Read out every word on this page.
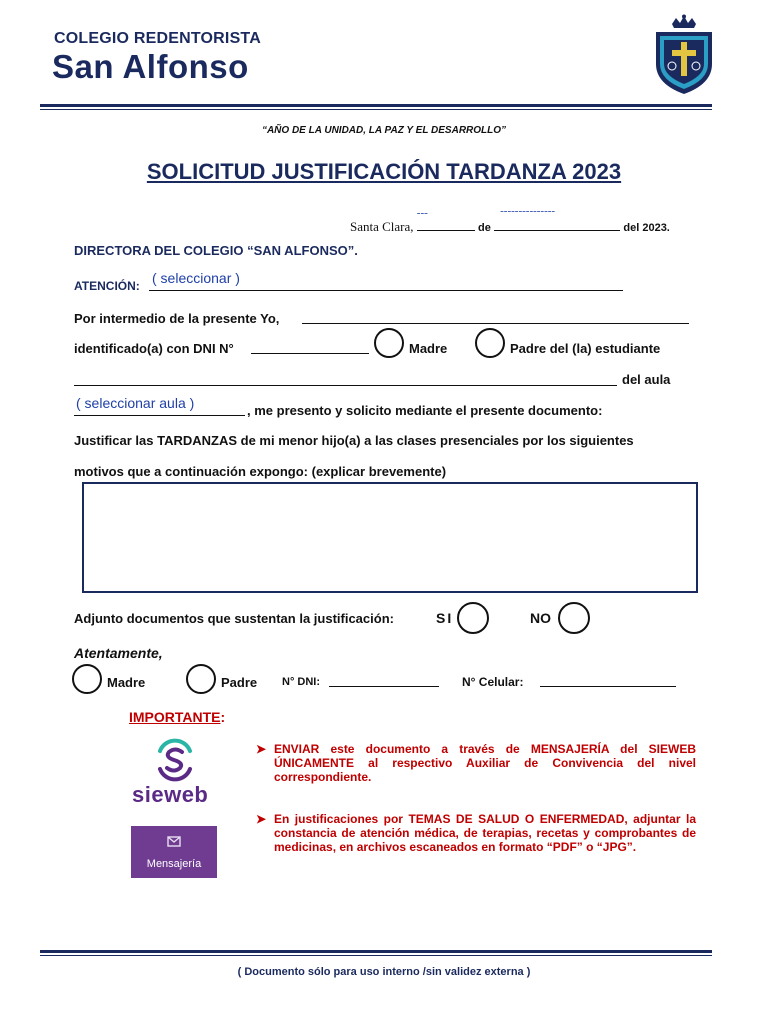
COLEGIO REDENTORISTA
San Alfonso
“AÑO DE LA UNIDAD, LA PAZ Y EL DESARROLLO”
SOLICITUD JUSTIFICACIÓN TARDANZA 2023
Santa Clara,
---
de
---------------
del 2023.
DIRECTORA DEL COLEGIO “SAN ALFONSO”.
ATENCIÓN: ( seleccionar )
Por intermedio de la presente Yo,
identificado(a) con DNI N°	Madre	Padre del (la) estudiante
del aula
( seleccionar aula )	, me presento y solicito mediante el presente documento:
Justificar las TARDANZAS de mi menor hijo(a) a las clases presenciales por los siguientes
motivos que a continuación expongo: (explicar brevemente)
Adjunto documentos que sustentan la justificación:	SI	NO
Atentamente,
Madre	Padre N° DNI:	N° Celular:
IMPORTANTE:
sieweb
Mensajería
➤ ENVIAR este documento a través de MENSAJERÍA del SIEWEB ÚNICAMENTE al respectivo Auxiliar de Convivencia del nivel correspondiente.
➤ En justificaciones por TEMAS DE SALUD O ENFERMEDAD, adjuntar la constancia de atención médica, de terapias, recetas y comprobantes de medicinas, en archivos escaneados en formato “PDF” o “JPG”.
( Documento sólo para uso interno /sin validez externa )
